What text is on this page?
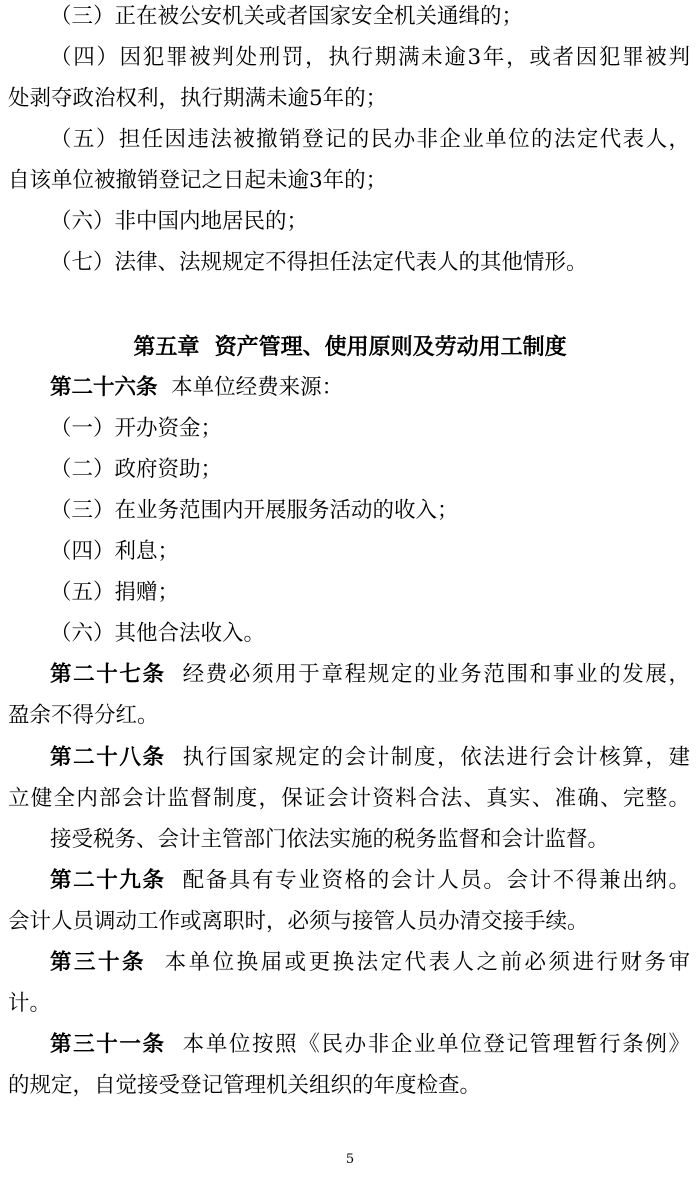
（三）正在被公安机关或者国家安全机关通缉的；
（四）因犯罪被判处刑罚，执行期满未逾3年，或者因犯罪被判
处剥夺政治权利，执行期满未逾5年的；
（五）担任因违法被撤销登记的民办非企业单位的法定代表人，
自该单位被撤销登记之日起未逾3年的；
（六）非中国内地居民的；
（七）法律、法规规定不得担任法定代表人的其他情形。
第五章  资产管理、使用原则及劳动用工制度
第二十六条  本单位经费来源：
（一）开办资金；
（二）政府资助；
（三）在业务范围内开展服务活动的收入；
（四）利息；
（五）捐赠；
（六）其他合法收入。
第二十七条  经费必须用于章程规定的业务范围和事业的发展，
盈余不得分红。
第二十八条  执行国家规定的会计制度，依法进行会计核算，建
立健全内部会计监督制度，保证会计资料合法、真实、准确、完整。
接受税务、会计主管部门依法实施的税务监督和会计监督。
第二十九条  配备具有专业资格的会计人员。会计不得兼出纳。
会计人员调动工作或离职时，必须与接管人员办清交接手续。
第三十条  本单位换届或更换法定代表人之前必须进行财务审
计。
第三十一条  本单位按照《民办非企业单位登记管理暂行条例》
的规定，自觉接受登记管理机关组织的年度检查。
5
